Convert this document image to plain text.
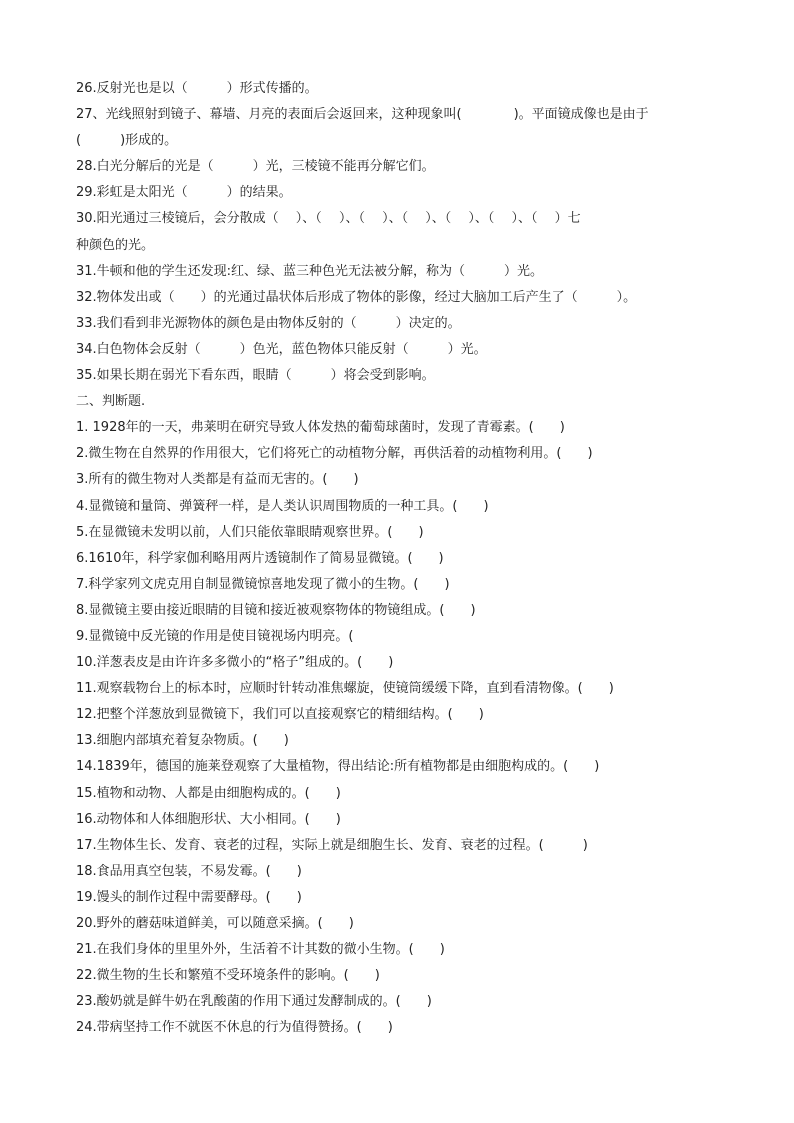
26.反射光也是以（　　　）形式传播的。
27、光线照射到镜子、幕墙、月亮的表面后会返回来，这种现象叫(　　　　)。平面镜成像也是由于
(　　　)形成的。
28.白光分解后的光是（　　　）光，三棱镜不能再分解它们。
29.彩虹是太阳光（　　　）的结果。
30.阳光通过三棱镜后，会分散成（　 ）、（　 ）、（　 ）、（　 ）、（　 ）、（　 ）、（　 ）七
种颜色的光。
31.牛顿和他的学生还发现:红、绿、蓝三种色光无法被分解，称为（　　　）光。
32.物体发出或（　　）的光通过晶状体后形成了物体的影像，经过大脑加工后产生了（　　　）。
33.我们看到非光源物体的颜色是由物体反射的（　　　）决定的。
34.白色物体会反射（　　　）色光，蓝色物体只能反射（　　　）光。
35.如果长期在弱光下看东西，眼睛（　　　）将会受到影响。
二、判断题.
1. 1928年的一天，弗莱明在研究导致人体发热的葡萄球菌时，发现了青霉素。(　　)
2.微生物在自然界的作用很大，它们将死亡的动植物分解，再供活着的动植物利用。(　　)
3.所有的微生物对人类都是有益而无害的。(　　)
4.显微镜和量筒、弹簧秤一样，是人类认识周围物质的一种工具。(　　)
5.在显微镜未发明以前，人们只能依靠眼睛观察世界。(　　)
6.1610年，科学家伽利略用两片透镜制作了简易显微镜。(　　)
7.科学家列文虎克用自制显微镜惊喜地发现了微小的生物。(　　)
8.显微镜主要由接近眼睛的目镜和接近被观察物体的物镜组成。(　　)
9.显微镜中反光镜的作用是使目镜视场内明亮。(
10.洋葱表皮是由许许多多微小的“格子”组成的。(　　)
11.观察载物台上的标本时，应顺时针转动准焦螺旋，使镜筒缓缓下降，直到看清物像。(　　)
12.把整个洋葱放到显微镜下，我们可以直接观察它的精细结构。(　　)
13.细胞内部填充着复杂物质。(　　)
14.1839年，德国的施莱登观察了大量植物，得出结论:所有植物都是由细胞构成的。(　　)
15.植物和动物、人都是由细胞构成的。(　　)
16.动物体和人体细胞形状、大小相同。(　　)
17.生物体生长、发育、衰老的过程，实际上就是细胞生长、发育、衰老的过程。(　　　)
18.食品用真空包装，不易发霉。(　　)
19.馒头的制作过程中需要酵母。(　　)
20.野外的蘑菇味道鲜美，可以随意采摘。(　　)
21.在我们身体的里里外外，生活着不计其数的微小生物。(　　)
22.微生物的生长和繁殖不受环境条件的影响。(　　)
23.酸奶就是鲜牛奶在乳酸菌的作用下通过发酵制成的。(　　)
24.带病坚持工作不就医不休息的行为值得赞扬。(　　)
